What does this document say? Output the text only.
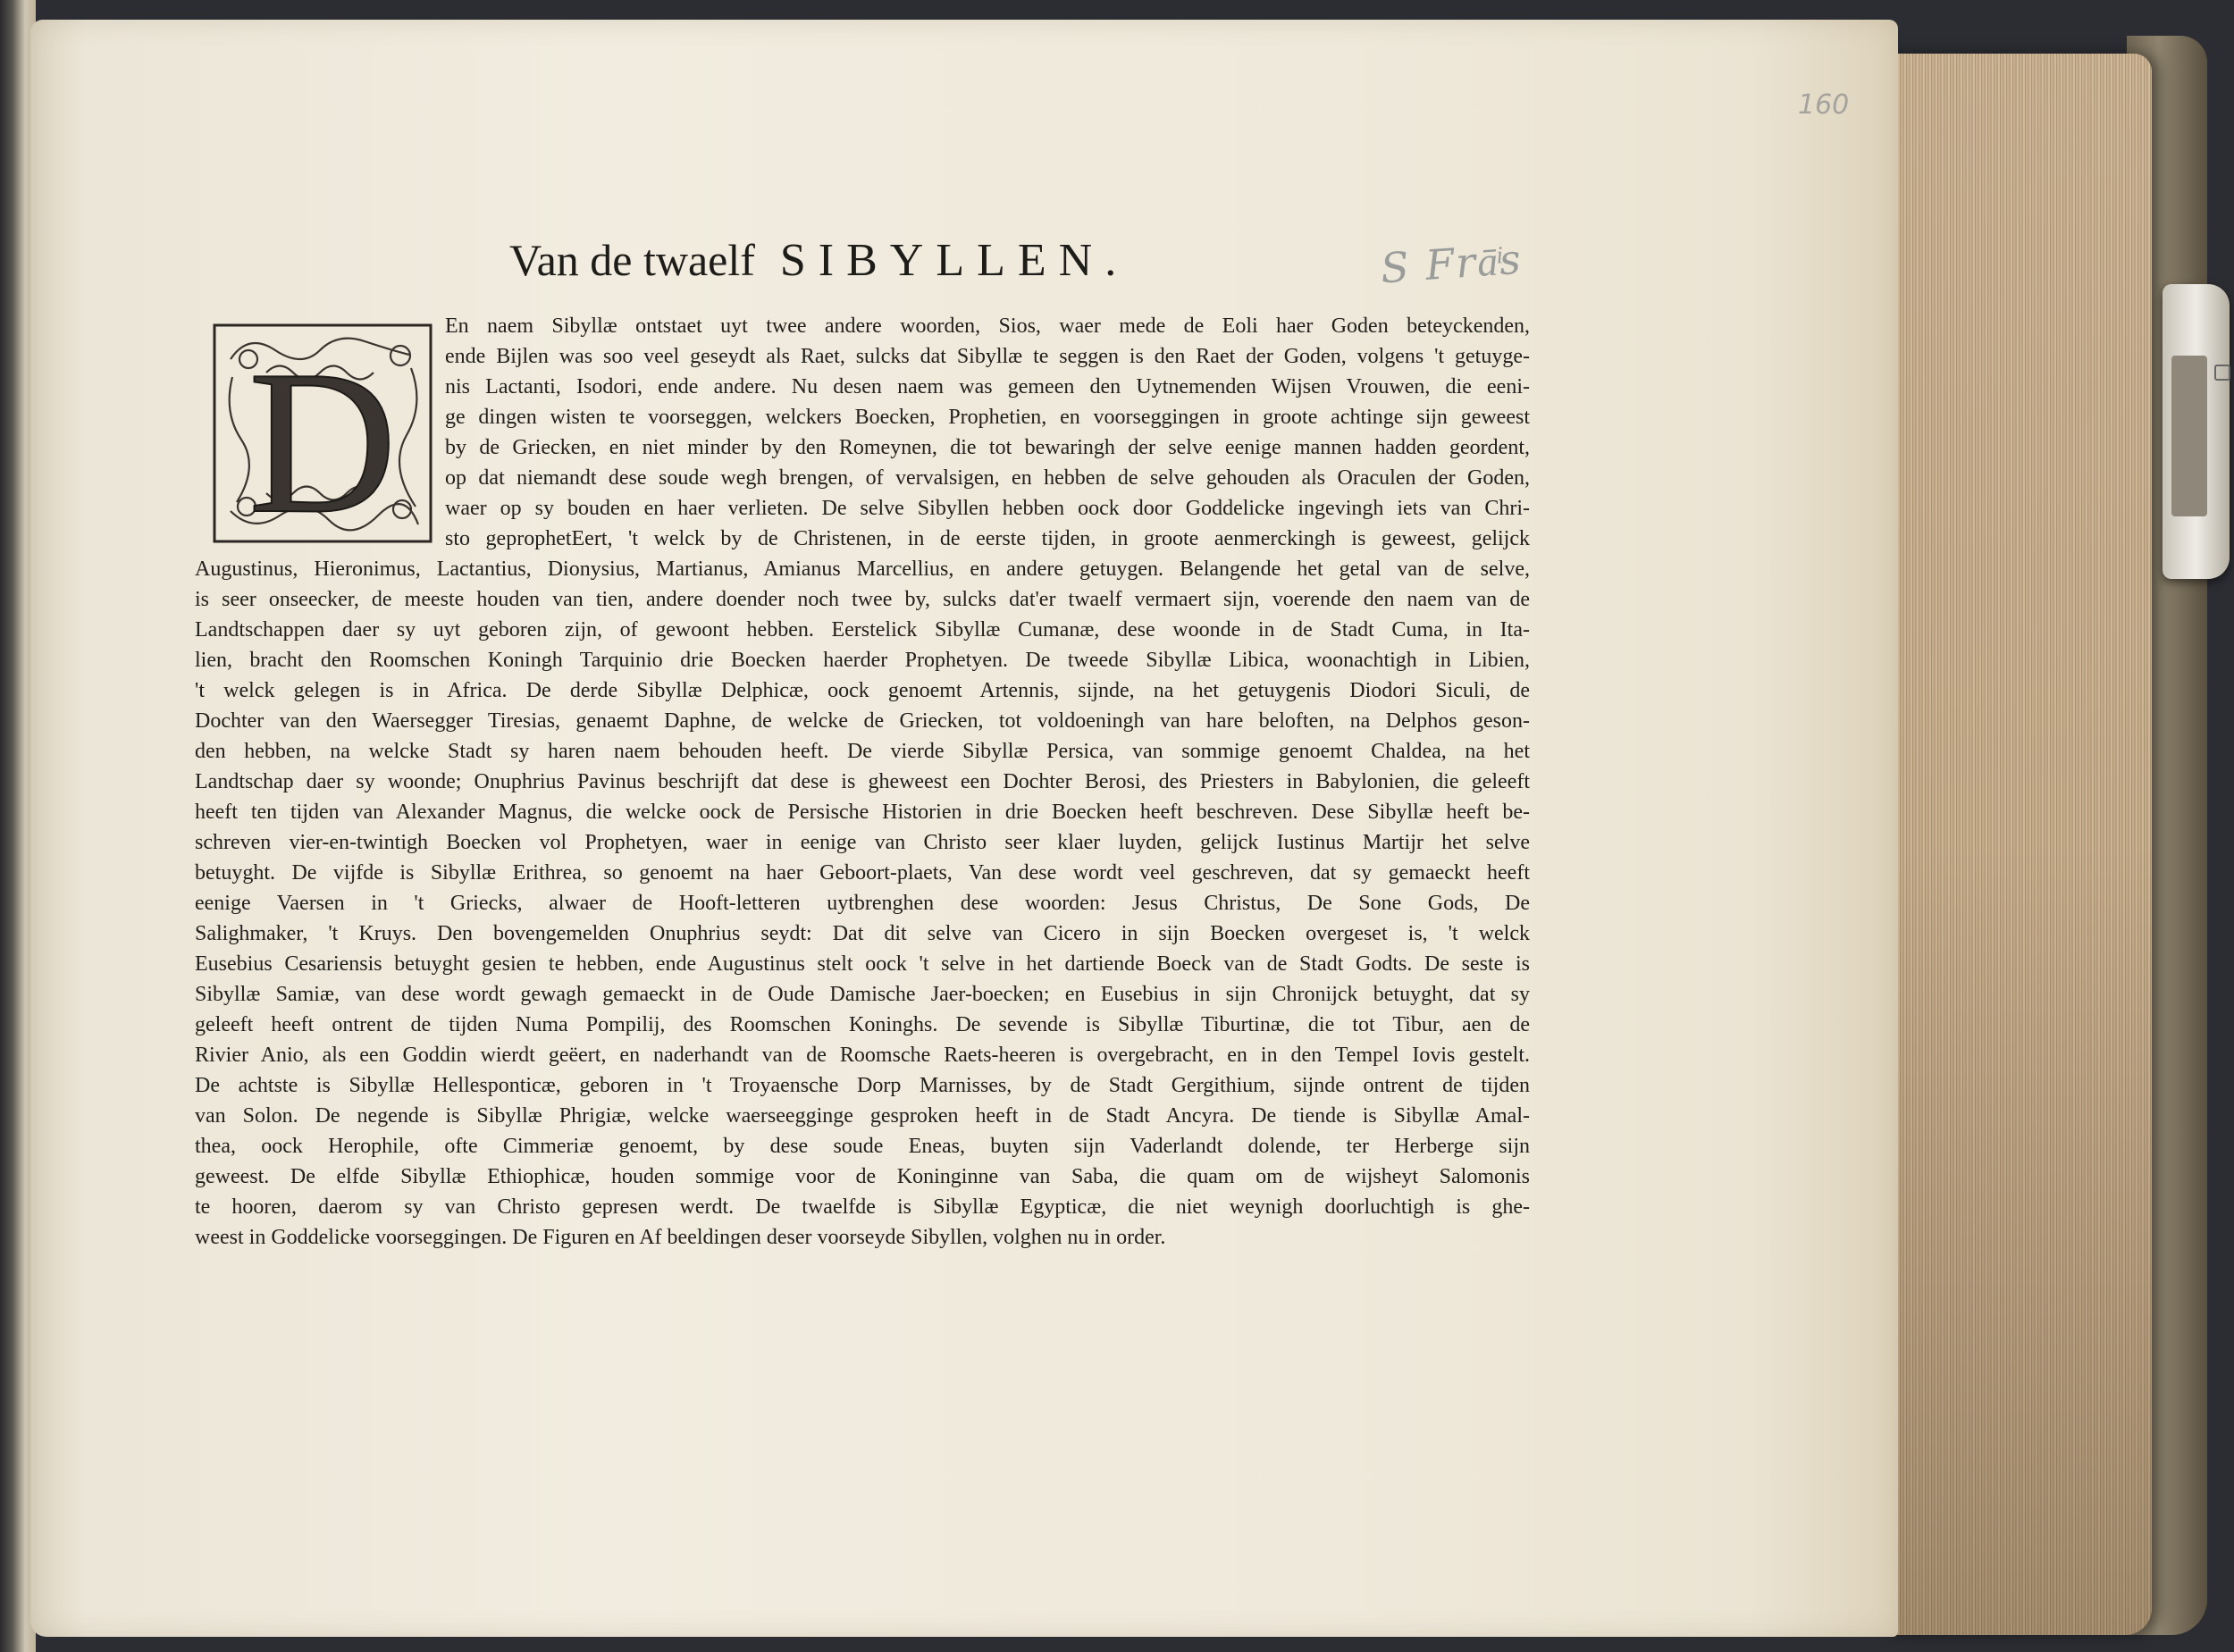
160
Van de twaelf SIBYLLEN.	S Frāͥs
D
En naem Sibyllæ ontstaet uyt twee andere woorden, Sios, waer mede de Eoli haer Goden beteyckenden,
ende Bijlen was soo veel geseydt als Raet, sulcks dat Sibyllæ te seggen is den Raet der Goden, volgens 't getuyge-
nis Lactanti, Isodori, ende andere. Nu desen naem was gemeen den Uytnemenden Wijsen Vrouwen, die eeni-
ge dingen wisten te voorseggen, welckers Boecken, Prophetien, en voorseggingen in groote achtinge sijn geweest
by de Griecken, en niet minder by den Romeynen, die tot bewaringh der selve eenige mannen hadden geordent,
op dat niemandt dese soude wegh brengen, of vervalsigen, en hebben de selve gehouden als Oraculen der Goden,
waer op sy bouden en haer verlieten. De selve Sibyllen hebben oock door Goddelicke ingevingh iets van Chri-
sto geprophetEert, 't welck by de Christenen, in de eerste tijden, in groote aenmerckingh is geweest, gelijck
Augustinus, Hieronimus, Lactantius, Dionysius, Martianus, Amianus Marcellius, en andere getuygen. Belangende het getal van de selve,
is seer onseecker, de meeste houden van tien, andere doender noch twee by, sulcks dat'er twaelf vermaert sijn, voerende den naem van de
Landtschappen daer sy uyt geboren zijn, of gewoont hebben. Eerstelick Sibyllæ Cumanæ, dese woonde in de Stadt Cuma, in Ita-
lien, bracht den Roomschen Koningh Tarquinio drie Boecken haerder Prophetyen. De tweede Sibyllæ Libica, woonachtigh in Libien,
't welck gelegen is in Africa. De derde Sibyllæ Delphicæ, oock genoemt Artennis, sijnde, na het getuygenis Diodori Siculi, de
Dochter van den Waersegger Tiresias, genaemt Daphne, de welcke de Griecken, tot voldoeningh van hare beloften, na Delphos geson-
den hebben, na welcke Stadt sy haren naem behouden heeft. De vierde Sibyllæ Persica, van sommige genoemt Chaldea, na het
Landtschap daer sy woonde; Onuphrius Pavinus beschrijft dat dese is gheweest een Dochter Berosi, des Priesters in Babylonien, die geleeft
heeft ten tijden van Alexander Magnus, die welcke oock de Persische Historien in drie Boecken heeft beschreven. Dese Sibyllæ heeft be-
schreven vier-en-twintigh Boecken vol Prophetyen, waer in eenige van Christo seer klaer luyden, gelijck Iustinus Martijr het selve
betuyght. De vijfde is Sibyllæ Erithrea, so genoemt na haer Geboort-plaets, Van dese wordt veel geschreven, dat sy gemaeckt heeft
eenige Vaersen in 't Griecks, alwaer de Hooft-letteren uytbrenghen dese woorden: Jesus Christus, De Sone Gods, De
Salighmaker, 't Kruys. Den bovengemelden Onuphrius seydt: Dat dit selve van Cicero in sijn Boecken overgeset is, 't welck
Eusebius Cesariensis betuyght gesien te hebben, ende Augustinus stelt oock 't selve in het dartiende Boeck van de Stadt Godts. De seste is
Sibyllæ Samiæ, van dese wordt gewagh gemaeckt in de Oude Damische Jaer-boecken; en Eusebius in sijn Chronijck betuyght, dat sy
geleeft heeft ontrent de tijden Numa Pompilij, des Roomschen Koninghs. De sevende is Sibyllæ Tiburtinæ, die tot Tibur, aen de
Rivier Anio, als een Goddin wierdt geëert, en naderhandt van de Roomsche Raets-heeren is overgebracht, en in den Tempel Iovis gestelt.
De achtste is Sibyllæ Hellesponticæ, geboren in 't Troyaensche Dorp Marnisses, by de Stadt Gergithium, sijnde ontrent de tijden
van Solon. De negende is Sibyllæ Phrigiæ, welcke waerseegginge gesproken heeft in de Stadt Ancyra. De tiende is Sibyllæ Amal-
thea, oock Herophile, ofte Cimmeriæ genoemt, by dese soude Eneas, buyten sijn Vaderlandt dolende, ter Herberge sijn
geweest. De elfde Sibyllæ Ethiophicæ, houden sommige voor de Koninginne van Saba, die quam om de wijsheyt Salomonis
te hooren, daerom sy van Christo gepresen werdt. De twaelfde is Sibyllæ Egypticæ, die niet weynigh doorluchtigh is ghe-
weest in Goddelicke voorseggingen. De Figuren en Af beeldingen deser voorseyde Sibyllen, volghen nu in order.
